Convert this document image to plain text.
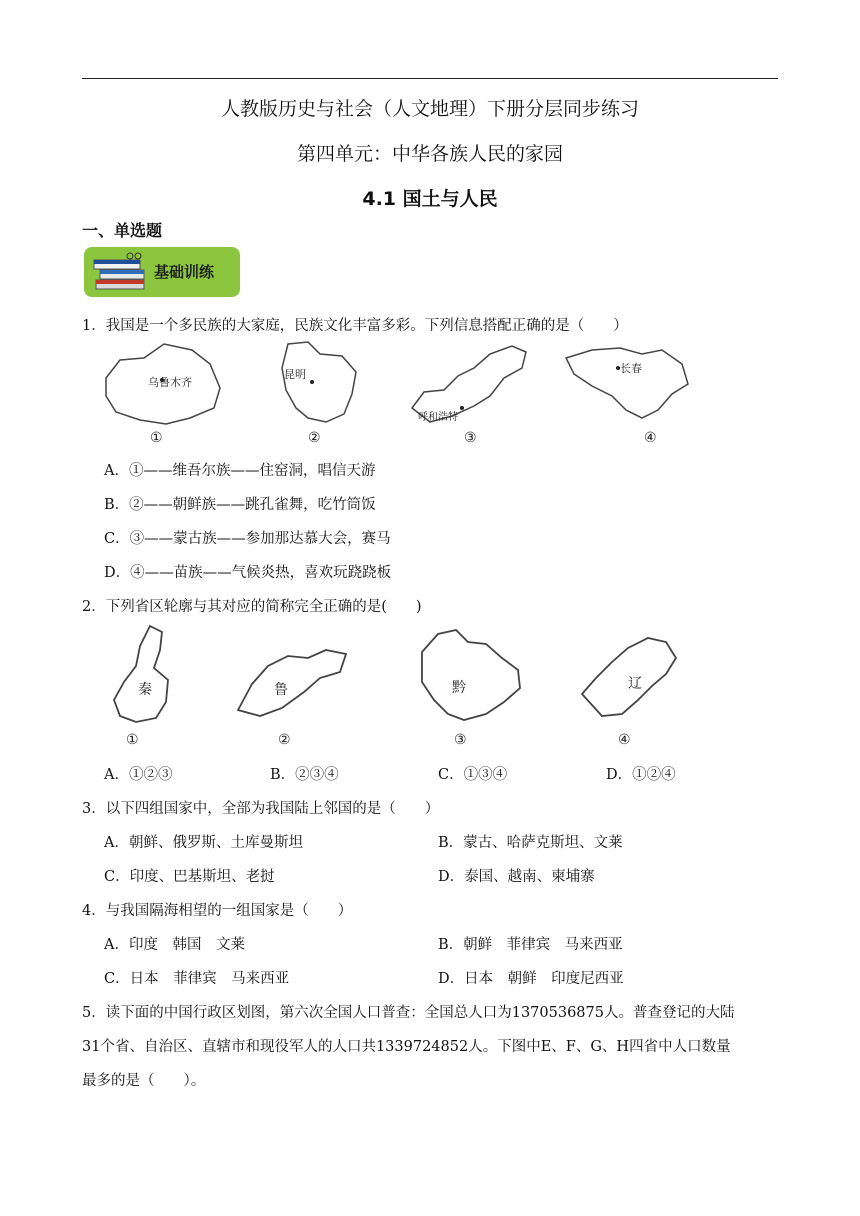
人教版历史与社会（人文地理）下册分层同步练习
第四单元：中华各族人民的家园
4.1 国土与人民
一、单选题
基础训练
1．我国是一个多民族的大家庭，民族文化丰富多彩。下列信息搭配正确的是（　　）
乌鲁木齐
①
昆明
②
呼和浩特
③
长春
④
A．①——维吾尔族——住窑洞，唱信天游
B．②——朝鲜族——跳孔雀舞，吃竹筒饭
C．③——蒙古族——参加那达慕大会，赛马
D．④——苗族——气候炎热，喜欢玩跷跷板
2．下列省区轮廓与其对应的简称完全正确的是(　　)
秦
①
鲁
②
黔
③
辽
④
A．①②③	B．②③④	C．①③④	D．①②④
3．以下四组国家中，全部为我国陆上邻国的是（　　）
A．朝鲜、俄罗斯、土库曼斯坦	B．蒙古、哈萨克斯坦、文莱
C．印度、巴基斯坦、老挝	D．泰国、越南、柬埔寨
4．与我国隔海相望的一组国家是（　　）
A．印度　韩国　文莱	B．朝鲜　菲律宾　马来西亚
C．日本　菲律宾　马来西亚	D．日本　朝鲜　印度尼西亚
5．读下面的中国行政区划图，第六次全国人口普查：全国总人口为1370536875人。普查登记的大陆
31个省、自治区、直辖市和现役军人的人口共1339724852人。下图中E、F、G、H四省中人口数量
最多的是（　　）。
